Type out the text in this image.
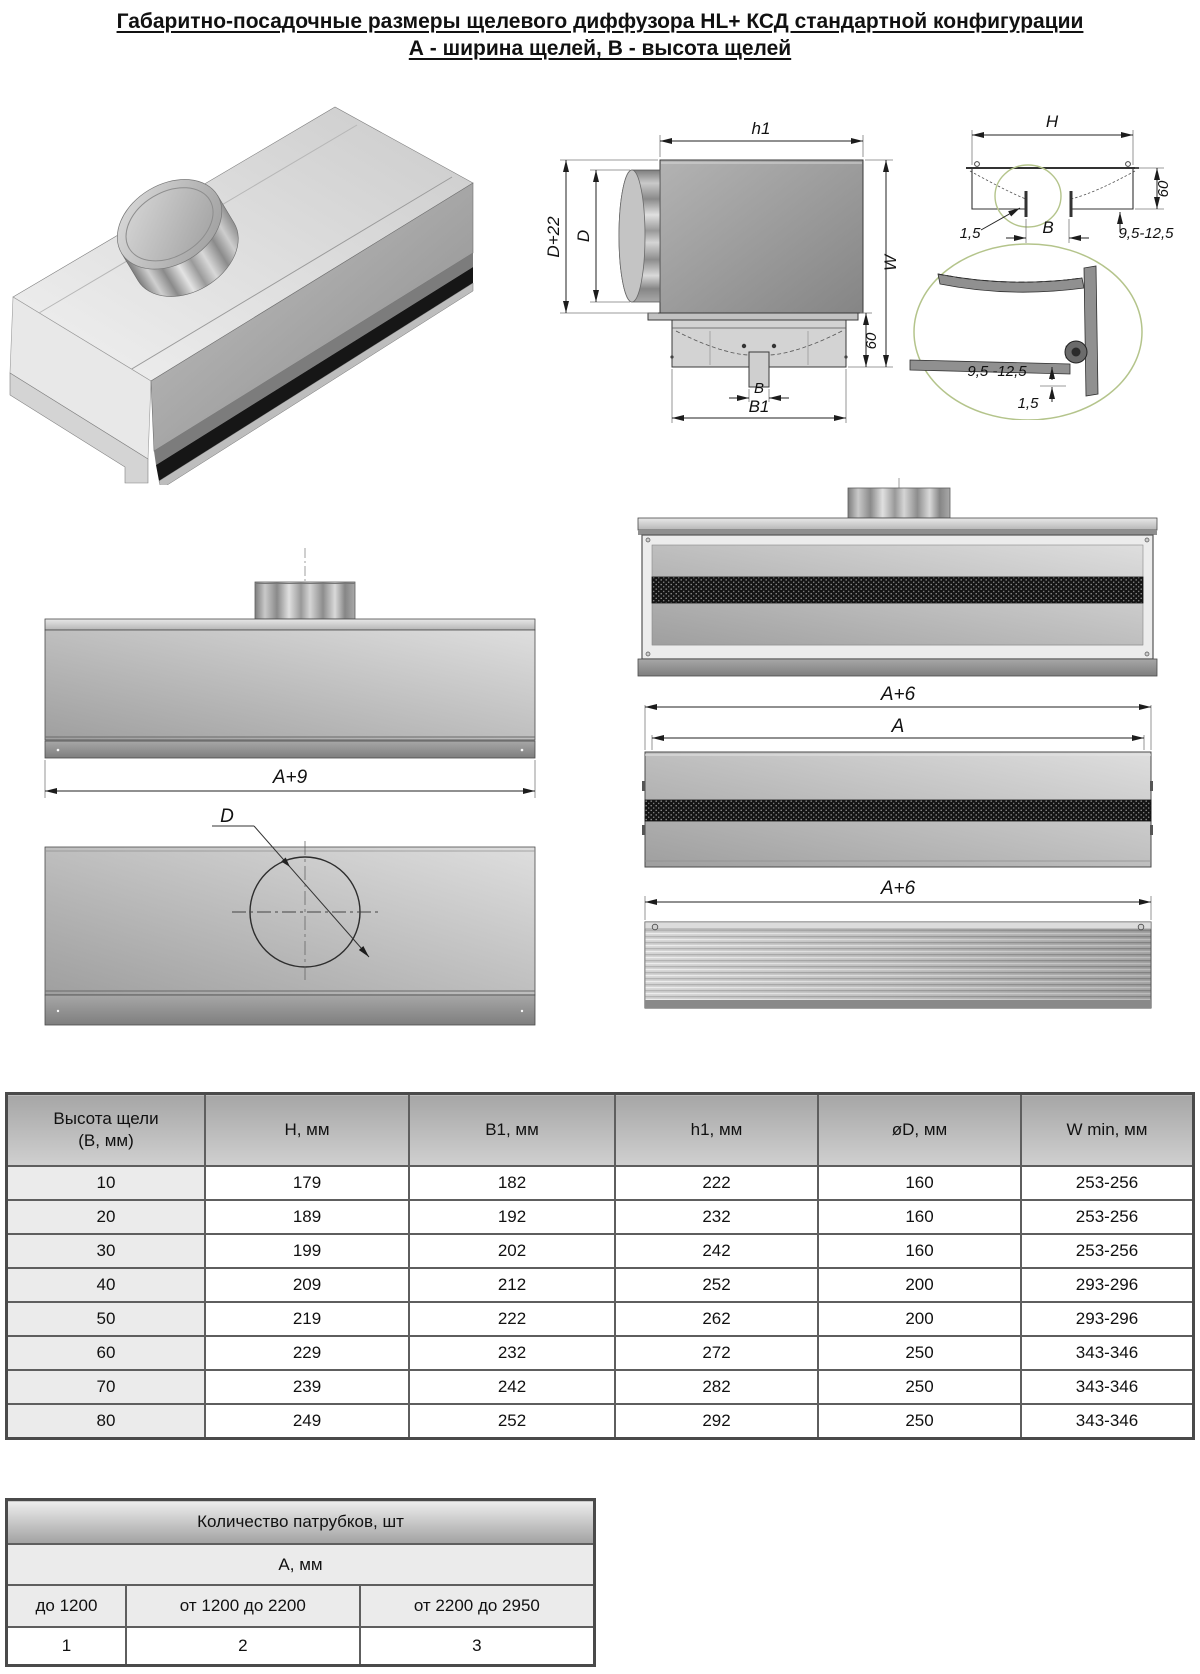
Габаритно-посадочные размеры щелевого диффузора HL+ КСД стандартной конфигурации
А - ширина щелей, В - высота щелей
h1
D+22 D
W
60
B
B1
H
60
1,5	B	9,5-12,5
9,5 -12,5
1,5
A+9
D
A+6
A
A+6
Высота щели
(В, мм)	H, мм	B1, мм	h1, мм	øD, мм	W min, мм
10	179	182	222	160	253-256
20	189	192	232	160	253-256
30	199	202	242	160	253-256
40	209	212	252	200	293-296
50	219	222	262	200	293-296
60	229	232	272	250	343-346
70	239	242	282	250	343-346
80	249	252	292	250	343-346
Количество патрубков, шт		
А, мм		
до 1200	от 1200 до 2200	от 2200 до 2950
1	2	3
